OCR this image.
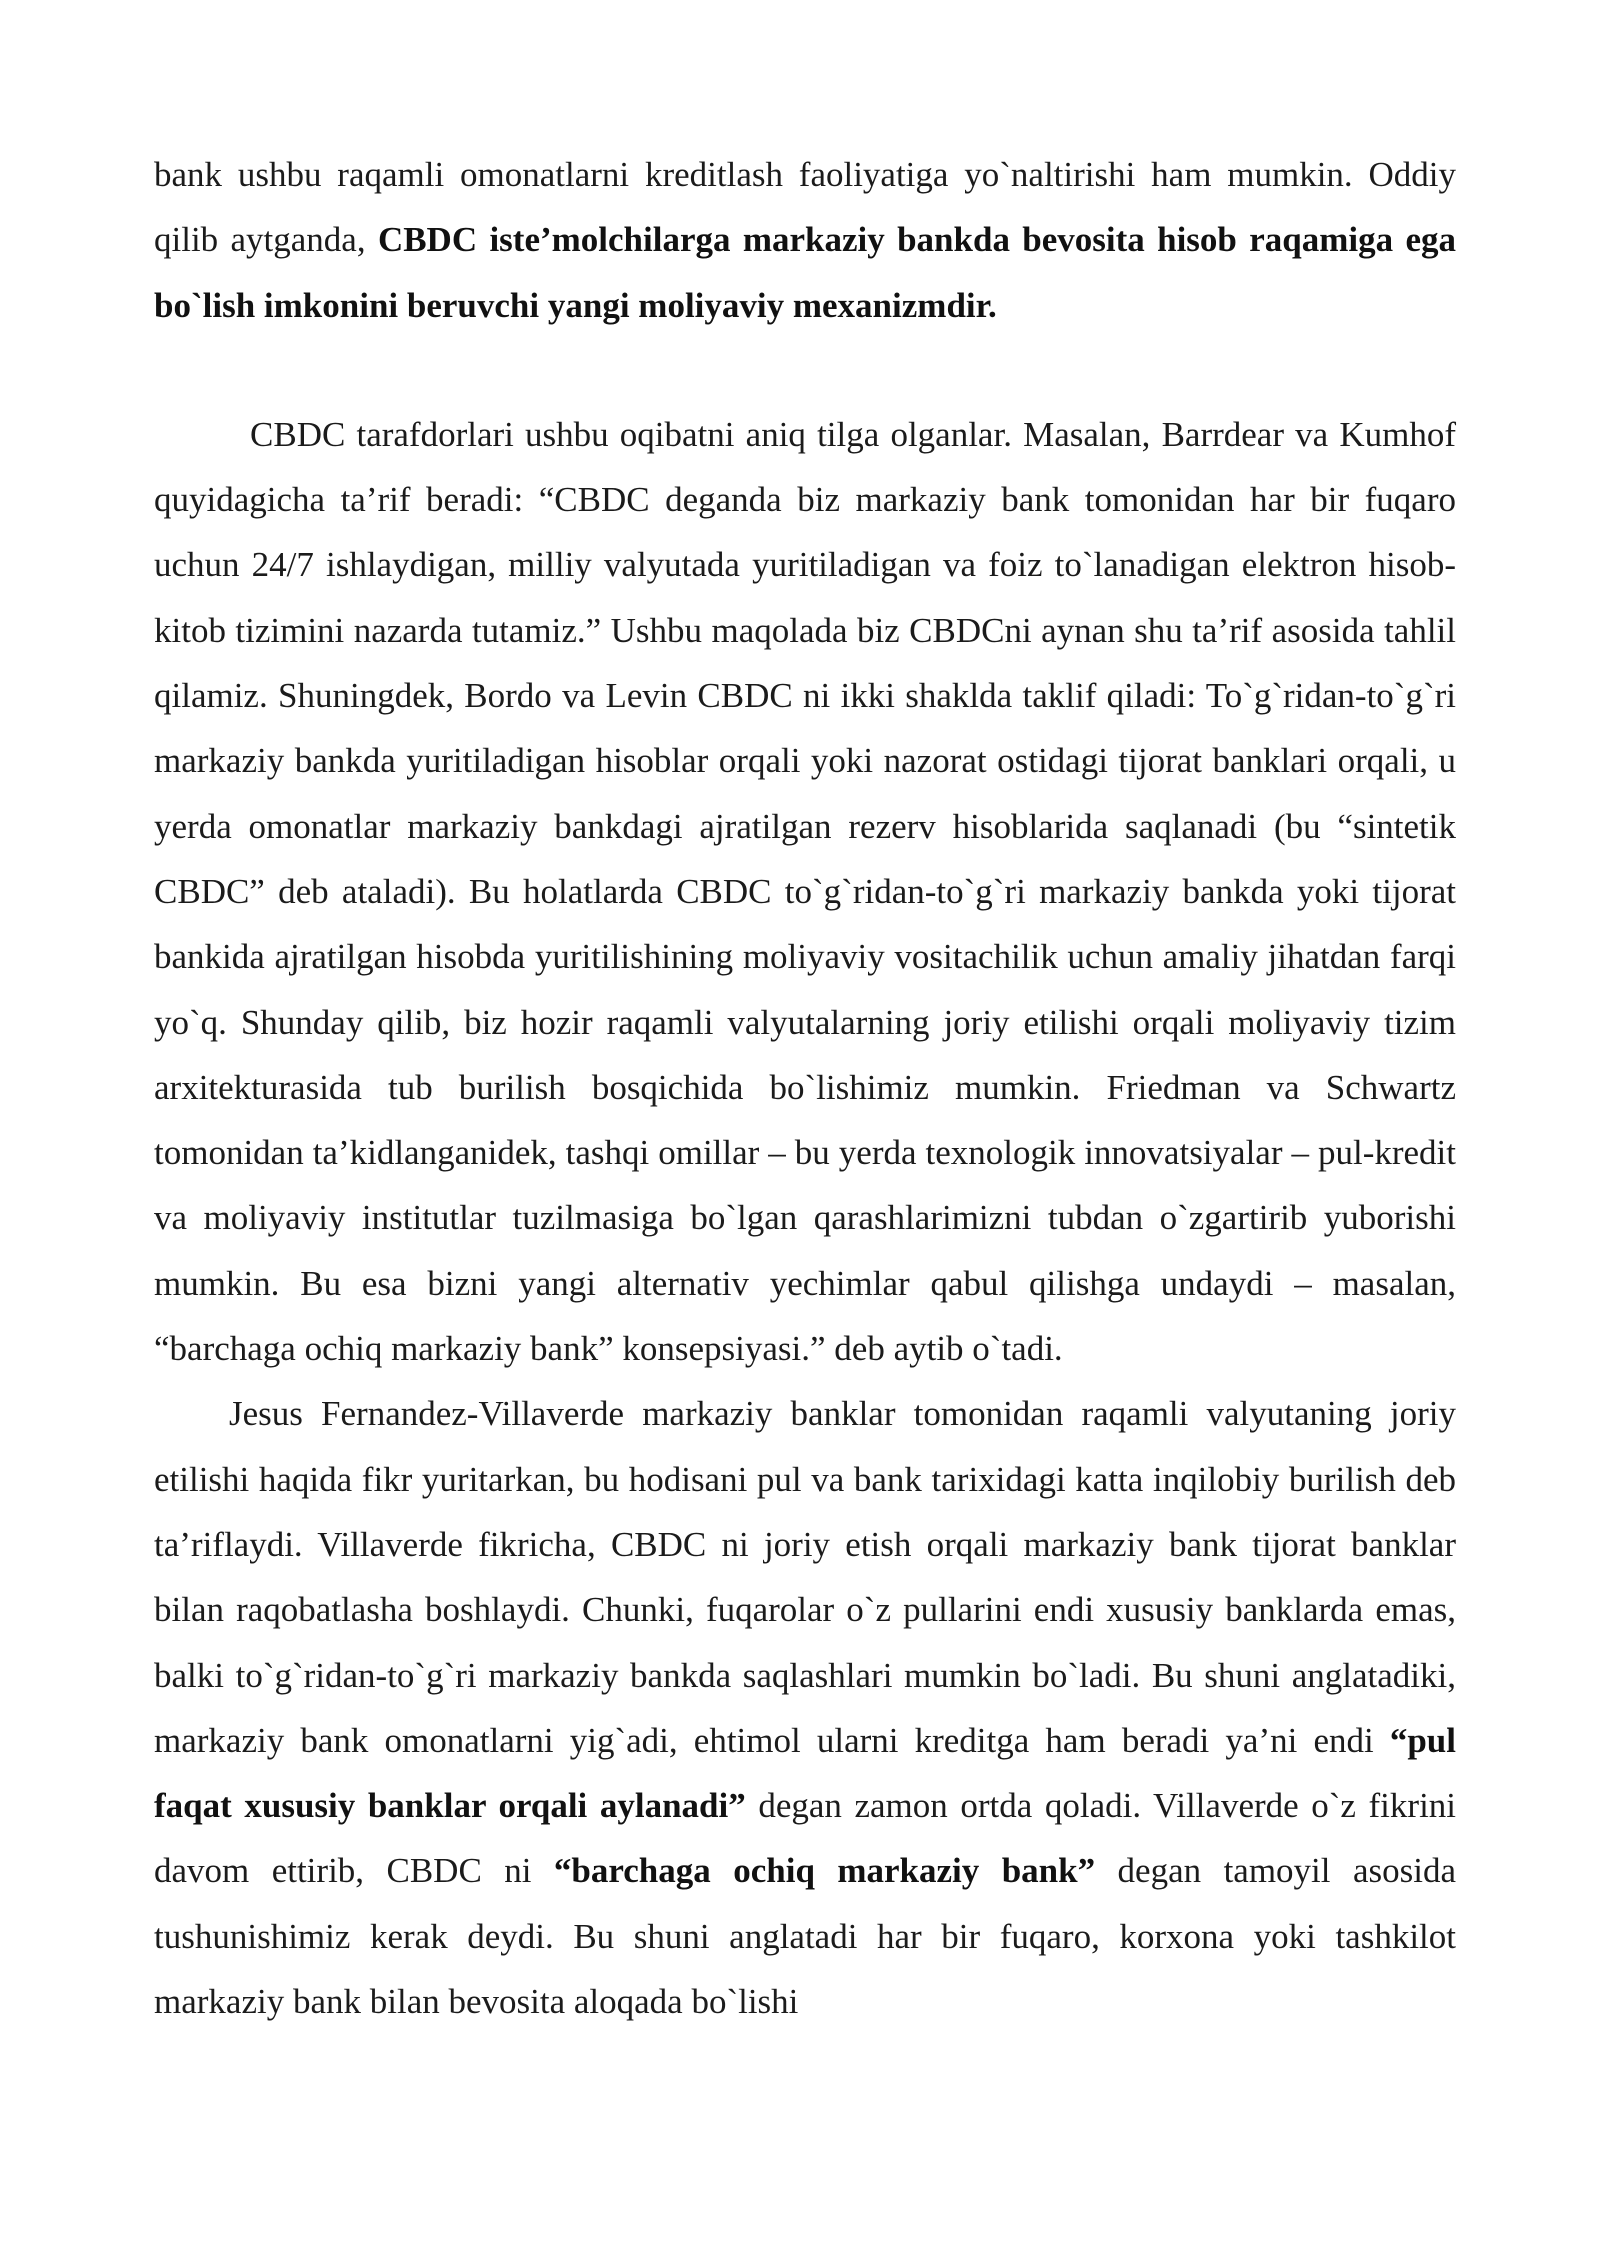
bank ushbu raqamli omonatlarni kreditlash faoliyatiga yo`naltirishi ham mumkin. Oddiy qilib aytganda, CBDC iste’molchilarga markaziy bankda bevosita hisob raqamiga ega bo`lish imkonini beruvchi yangi moliyaviy mexanizmdir.

CBDC tarafdorlari ushbu oqibatni aniq tilga olganlar. Masalan, Barrdear va Kumhof quyidagicha ta’rif beradi: “CBDC deganda biz markaziy bank tomonidan har bir fuqaro uchun 24/7 ishlaydigan, milliy valyutada yuritiladigan va foiz to`lanadigan elektron hisob-kitob tizimini nazarda tutamiz.” Ushbu maqolada biz CBDCni aynan shu ta’rif asosida tahlil qilamiz. Shuningdek, Bordo va Levin CBDC ni ikki shaklda taklif qiladi: To`g`ridan-to`g`ri markaziy bankda yuritiladigan hisoblar orqali yoki nazorat ostidagi tijorat banklari orqali, u yerda omonatlar markaziy bankdagi ajratilgan rezerv hisoblarida saqlanadi (bu “sintetik CBDC” deb ataladi). Bu holatlarda CBDC to`g`ridan-to`g`ri markaziy bankda yoki tijorat bankida ajratilgan hisobda yuritilishining moliyaviy vositachilik uchun amaliy jihatdan farqi yo`q. Shunday qilib, biz hozir raqamli valyutalarning joriy etilishi orqali moliyaviy tizim arxitekturasida tub burilish bosqichida bo`lishimiz mumkin. Friedman va Schwartz tomonidan ta’kidlanganidek, tashqi omillar – bu yerda texnologik innovatsiyalar – pul-kredit va moliyaviy institutlar tuzilmasiga bo`lgan qarashlarimizni tubdan o`zgartirib yuborishi mumkin. Bu esa bizni yangi alternativ yechimlar qabul qilishga undaydi – masalan, “barchaga ochiq markaziy bank” konsepsiyasi.” deb aytib o`tadi.

Jesus Fernandez-Villaverde markaziy banklar tomonidan raqamli valyutaning joriy etilishi haqida fikr yuritarkan, bu hodisani pul va bank tarixidagi katta inqilobiy burilish deb ta’riflaydi. Villaverde fikricha, CBDC ni joriy etish orqali markaziy bank tijorat banklar bilan raqobatlasha boshlaydi. Chunki, fuqarolar o`z pullarini endi xususiy banklarda emas, balki to`g`ridan-to`g`ri markaziy bankda saqlashlari mumkin bo`ladi. Bu shuni anglatadiki, markaziy bank omonatlarni yig`adi, ehtimol ularni kreditga ham beradi ya’ni endi “pul faqat xususiy banklar orqali aylanadi” degan zamon ortda qoladi. Villaverde o`z fikrini davom ettirib, CBDC ni “barchaga ochiq markaziy bank” degan tamoyil asosida tushunishimiz kerak deydi. Bu shuni anglatadi har bir fuqaro, korxona yoki tashkilot markaziy bank bilan bevosita aloqada bo`lishi
